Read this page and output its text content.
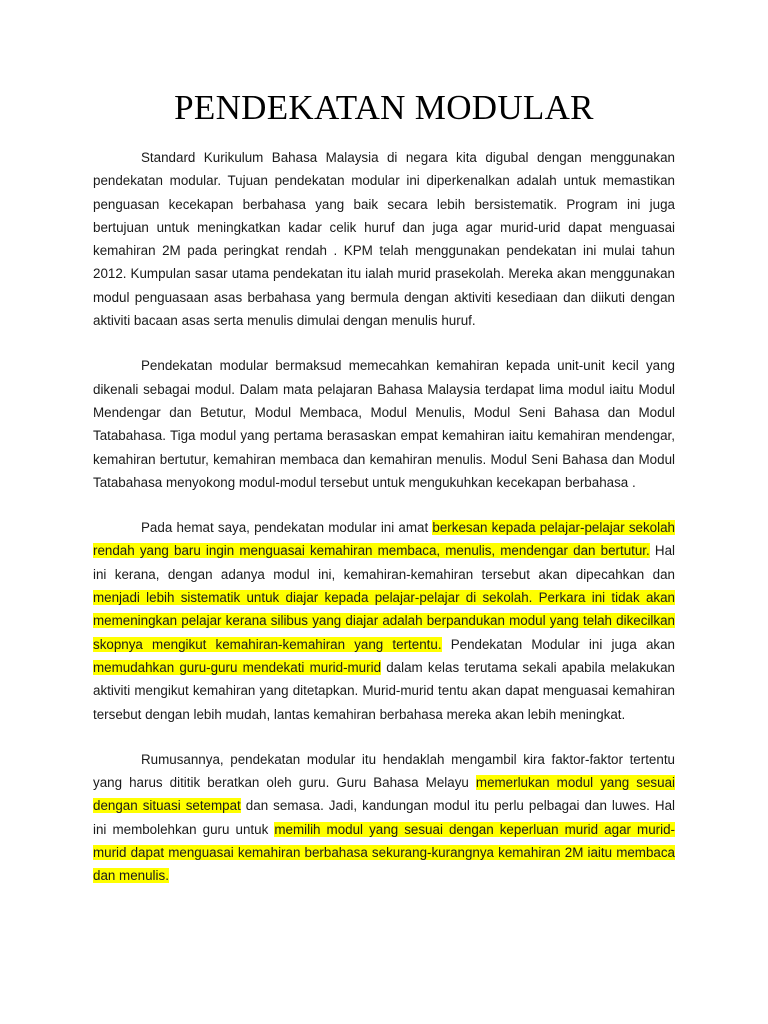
PENDEKATAN MODULAR

Standard Kurikulum Bahasa Malaysia di negara kita digubal dengan menggunakan pendekatan modular. Tujuan pendekatan modular ini diperkenalkan adalah untuk memastikan penguasan kecekapan berbahasa yang baik secara lebih bersistematik. Program ini juga bertujuan untuk meningkatkan kadar celik huruf dan juga agar murid-urid dapat menguasai kemahiran 2M pada peringkat rendah . KPM telah menggunakan pendekatan ini mulai tahun 2012. Kumpulan sasar utama pendekatan itu ialah murid prasekolah. Mereka akan menggunakan modul penguasaan asas berbahasa yang bermula dengan aktiviti kesediaan dan diikuti dengan aktiviti bacaan asas serta menulis dimulai dengan menulis huruf.

Pendekatan modular bermaksud memecahkan kemahiran kepada unit-unit kecil yang dikenali sebagai modul. Dalam mata pelajaran Bahasa Malaysia terdapat lima modul iaitu Modul Mendengar dan Betutur, Modul Membaca, Modul Menulis, Modul Seni Bahasa dan Modul Tatabahasa. Tiga modul yang pertama berasaskan empat kemahiran iaitu kemahiran mendengar, kemahiran bertutur, kemahiran membaca dan kemahiran menulis. Modul Seni Bahasa dan Modul Tatabahasa menyokong modul-modul tersebut untuk mengukuhkan kecekapan berbahasa .

Pada hemat saya, pendekatan modular ini amat berkesan kepada pelajar-pelajar sekolah rendah yang baru ingin menguasai kemahiran membaca, menulis, mendengar dan bertutur. Hal ini kerana, dengan adanya modul ini, kemahiran-kemahiran tersebut akan dipecahkan dan menjadi lebih sistematik untuk diajar kepada pelajar-pelajar di sekolah. Perkara ini tidak akan memeningkan pelajar kerana silibus yang diajar adalah berpandukan modul yang telah dikecilkan skopnya mengikut kemahiran-kemahiran yang tertentu. Pendekatan Modular ini juga akan memudahkan guru-guru mendekati murid-murid dalam kelas terutama sekali apabila melakukan aktiviti mengikut kemahiran yang ditetapkan. Murid-murid tentu akan dapat menguasai kemahiran tersebut dengan lebih mudah, lantas kemahiran berbahasa mereka akan lebih meningkat.

Rumusannya, pendekatan modular itu hendaklah mengambil kira faktor-faktor tertentu yang harus dititik beratkan oleh guru. Guru Bahasa Melayu memerlukan modul yang sesuai dengan situasi setempat dan semasa. Jadi, kandungan modul itu perlu pelbagai dan luwes. Hal ini membolehkan guru untuk memilih modul yang sesuai dengan keperluan murid agar murid-murid dapat menguasai kemahiran berbahasa sekurang-kurangnya kemahiran 2M iaitu membaca dan menulis.
